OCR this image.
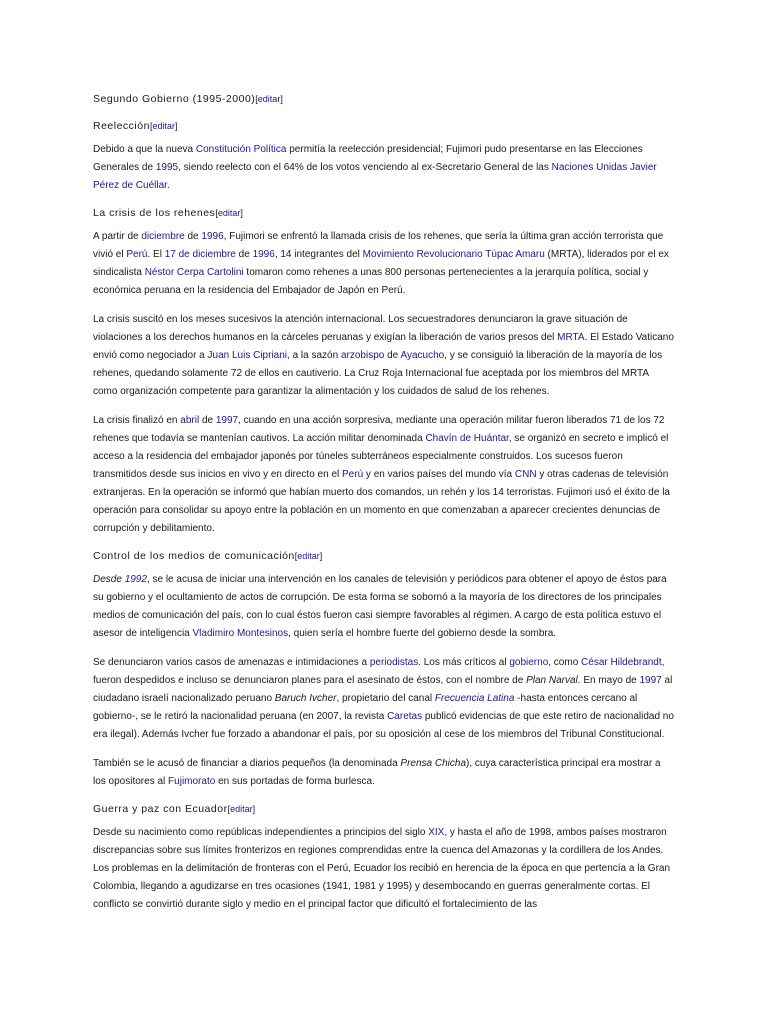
Segundo Gobierno (1995-2000)[editar]
Reelección[editar]

Debido a que la nueva Constitución Política permitía la reelección presidencial; Fujimori pudo presentarse en las Elecciones Generales de 1995, siendo reelecto con el 64% de los votos venciendo al ex-Secretario General de las Naciones Unidas Javier Pérez de Cuéllar.

La crisis de los rehenes[editar]

A partir de diciembre de 1996, Fujimori se enfrentó la llamada crisis de los rehenes, que sería la última gran acción terrorista que vivió el Perú. El 17 de diciembre de 1996, 14 integrantes del Movimiento Revolucionario Túpac Amaru (MRTA), liderados por el ex sindicalista Néstor Cerpa Cartolini tomaron como rehenes a unas 800 personas pertenecientes a la jerarquía política, social y económica peruana en la residencia del Embajador de Japón en Perú.

La crisis suscitó en los meses sucesivos la atención internacional. Los secuestradores denunciaron la grave situación de violaciones a los derechos humanos en la cárceles peruanas y exigían la liberación de varios presos del MRTA. El Estado Vaticano envió como negociador a Juan Luis Cipriani, a la sazón arzobispo de Ayacucho, y se consiguió la liberación de la mayoría de los rehenes, quedando solamente 72 de ellos en cautiverio. La Cruz Roja Internacional fue aceptada por los miembros del MRTA como organización competente para garantizar la alimentación y los cuidados de salud de los rehenes.

La crisis finalizó en abril de 1997, cuando en una acción sorpresiva, mediante una operación militar fueron liberados 71 de los 72 rehenes que todavía se mantenían cautivos. La acción militar denominada Chavín de Huántar, se organizó en secreto e implicó el acceso a la residencia del embajador japonés por túneles subterráneos especialmente construidos. Los sucesos fueron transmitidos desde sus inicios en vivo y en directo en el Perú y en varios países del mundo vía CNN y otras cadenas de televisión extranjeras. En la operación se informó que habían muerto dos comandos, un rehén y los 14 terroristas. Fujimori usó el éxito de la operación para consolidar su apoyo entre la población en un momento en que comenzaban a aparecer crecientes denuncias de corrupción y debilitamiento.

Control de los medios de comunicación[editar]

Desde 1992, se le acusa de iniciar una intervención en los canales de televisión y periódicos para obtener el apoyo de éstos para su gobierno y el ocultamiento de actos de corrupción. De esta forma se sobornó a la mayoría de los directores de los principales medios de comunicación del país, con lo cual éstos fueron casi siempre favorables al régimen. A cargo de esta política estuvo el asesor de inteligencia Vladimiro Montesinos, quien sería el hombre fuerte del gobierno desde la sombra.

Se denunciaron varios casos de amenazas e intimidaciones a periodistas. Los más críticos al gobierno, como César Hildebrandt, fueron despedidos e incluso se denunciaron planes para el asesinato de éstos, con el nombre de Plan Narval. En mayo de 1997 al ciudadano israelí nacionalizado peruano Baruch Ivcher, propietario del canal Frecuencia Latina -hasta entonces cercano al gobierno-, se le retiró la nacionalidad peruana (en 2007, la revista Caretas publicó evidencias de que este retiro de nacionalidad no era ilegal). Además Ivcher fue forzado a abandonar el país, por su oposición al cese de los miembros del Tribunal Constitucional.

También se le acusó de financiar a diarios pequeños (la denominada Prensa Chicha), cuya característica principal era mostrar a los opositores al Fujimorato en sus portadas de forma burlesca.

Guerra y paz con Ecuador[editar]

Desde su nacimiento como repúblicas independientes a principios del siglo XIX, y hasta el año de 1998, ambos países mostraron discrepancias sobre sus límites fronterizos en regiones comprendidas entre la cuenca del Amazonas y la cordillera de los Andes. Los problemas en la delimitación de fronteras con el Perú, Ecuador los recibió en herencia de la época en que pertencía a la Gran Colombia, llegando a agudizarse en tres ocasiones (1941, 1981 y 1995) y desembocando en guerras generalmente cortas. El conflicto se convirtió durante siglo y medio en el principal factor que dificultó el fortalecimiento de las
